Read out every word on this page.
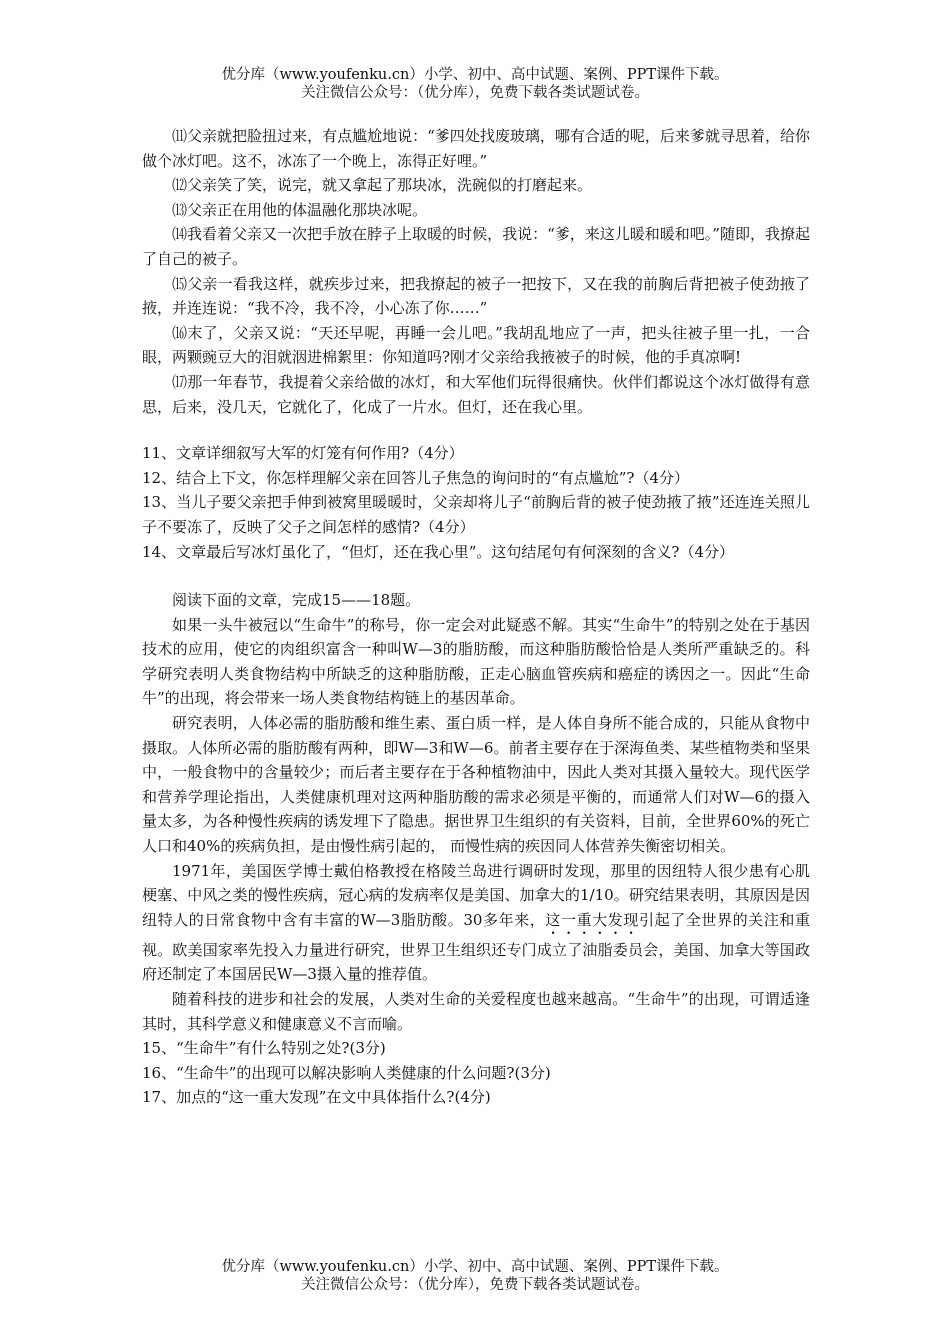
优分库（www.youfenku.cn）小学、初中、高中试题、案例、PPT课件下载。
关注微信公众号：（优分库），免费下载各类试题试卷。

⑾父亲就把脸扭过来，有点尴尬地说：“爹四处找废玻璃，哪有合适的呢，后来爹就寻思着，给你做个冰灯吧。这不，冰冻了一个晚上，冻得正好哩。”

⑿父亲笑了笑，说完，就又拿起了那块冰，洗碗似的打磨起来。

⒀父亲正在用他的体温融化那块冰呢。

⒁我看着父亲又一次把手放在脖子上取暖的时候，我说：“爹，来这儿暖和暖和吧。”随即，我撩起了自己的被子。

⒂父亲一看我这样，就疾步过来，把我撩起的被子一把按下，又在我的前胸后背把被子使劲掖了掖，并连连说：“我不冷，我不冷，小心冻了你……”

⒃末了，父亲又说：“天还早呢，再睡一会儿吧。”我胡乱地应了一声，把头往被子里一扎，一合眼，两颗豌豆大的泪就洇进棉絮里：你知道吗?刚才父亲给我掖被子的时候，他的手真凉啊!

⒄那一年春节，我提着父亲给做的冰灯，和大军他们玩得很痛快。伙伴们都说这个冰灯做得有意思，后来，没几天，它就化了，化成了一片水。但灯，还在我心里。

11、文章详细叙写大军的灯笼有何作用?（4分）

12、结合上下文，你怎样理解父亲在回答儿子焦急的询问时的“有点尴尬”?（4分）

13、当儿子要父亲把手伸到被窝里暖暖时，父亲却将儿子“前胸后背的被子使劲掖了掖”还连连关照儿子不要冻了，反映了父子之间怎样的感情?（4分）

14、文章最后写冰灯虽化了，“但灯，还在我心里”。这句结尾句有何深刻的含义?（4分）

阅读下面的文章，完成15——18题。

如果一头牛被冠以“生命牛”的称号，你一定会对此疑惑不解。其实“生命牛”的特别之处在于基因技术的应用，使它的肉组织富含一种叫W—3的脂肪酸，而这种脂肪酸恰恰是人类所严重缺乏的。科学研究表明人类食物结构中所缺乏的这种脂肪酸，正走心脑血管疾病和癌症的诱因之一。因此“生命牛”的出现，将会带来一场人类食物结构链上的基因革命。

研究表明，人体必需的脂肪酸和维生素、蛋白质一样，是人体自身所不能合成的，只能从食物中摄取。人体所必需的脂肪酸有两种，即W—3和W—6。前者主要存在于深海鱼类、某些植物类和坚果中，一般食物中的含量较少；而后者主要存在于各种植物油中，因此人类对其摄入量较大。现代医学和营养学理论指出，人类健康机理对这两种脂肪酸的需求必须是平衡的，而通常人们对W—6的摄入量太多，为各种慢性疾病的诱发埋下了隐患。据世界卫生组织的有关资料，目前，全世界60%的死亡人口和40%的疾病负担，是由慢性病引起的， 而慢性病的疾因同人体营养失衡密切相关。

1971年，美国医学博士戴伯格教授在格陵兰岛进行调研时发现，那里的因纽特人很少患有心肌梗塞、中风之类的慢性疾病，冠心病的发病率仅是美国、加拿大的1/10。研究结果表明，其原因是因纽特人的日常食物中含有丰富的W—3脂肪酸。30多年来，这一重大发现引起了全世界的关注和重视。欧美国家率先投入力量进行研究，世界卫生组织还专门成立了油脂委员会，美国、加拿大等国政府还制定了本国居民W—3摄入量的推荐值。

随着科技的进步和社会的发展，人类对生命的关爱程度也越来越高。“生命牛”的出现，可谓适逢其时，其科学意义和健康意义不言而喻。

15、“生命牛”有什么特别之处?(3分)

16、“生命牛”的出现可以解决影响人类健康的什么问题?(3分)

17、加点的“这一重大发现”在文中具体指什么?(4分)

优分库（www.youfenku.cn）小学、初中、高中试题、案例、PPT课件下载。
关注微信公众号：（优分库），免费下载各类试题试卷。
